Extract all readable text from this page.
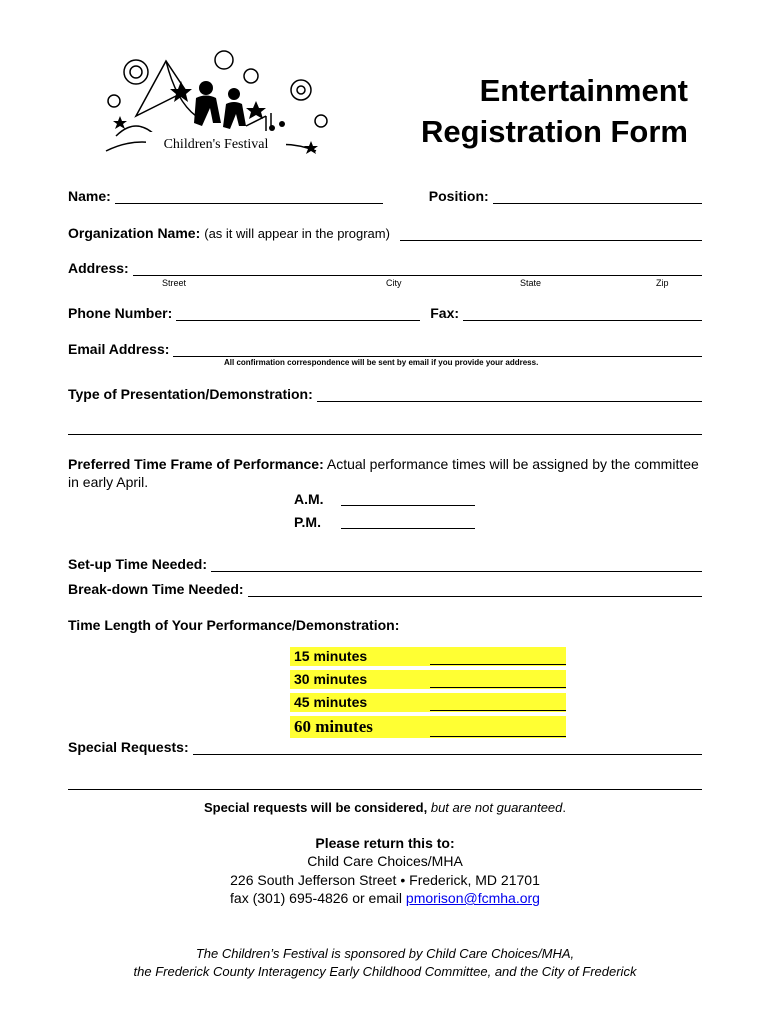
Children's Festival
Entertainment
Registration Form
Name:	Position:
Organization Name: (as it will appear in the program)
Address:
Street	City	State	Zip
Phone Number:	Fax:
Email Address:
All confirmation correspondence will be sent by email if you provide your address.
Type of Presentation/Demonstration:
Preferred Time Frame of Performance: Actual performance times will be assigned by the committee in early April.
A.M.
P.M.
Set-up Time Needed:
Break-down Time Needed:
Time Length of Your Performance/Demonstration:
15 minutes
30 minutes
45 minutes
60 minutes
Special Requests:
Special requests will be considered, but are not guaranteed.
Please return this to:
Child Care Choices/MHA
226 South Jefferson Street • Frederick, MD 21701
fax (301) 695-4826 or email pmorison@fcmha.org
The Children’s Festival is sponsored by Child Care Choices/MHA,
the Frederick County Interagency Early Childhood Committee, and the City of Frederick
